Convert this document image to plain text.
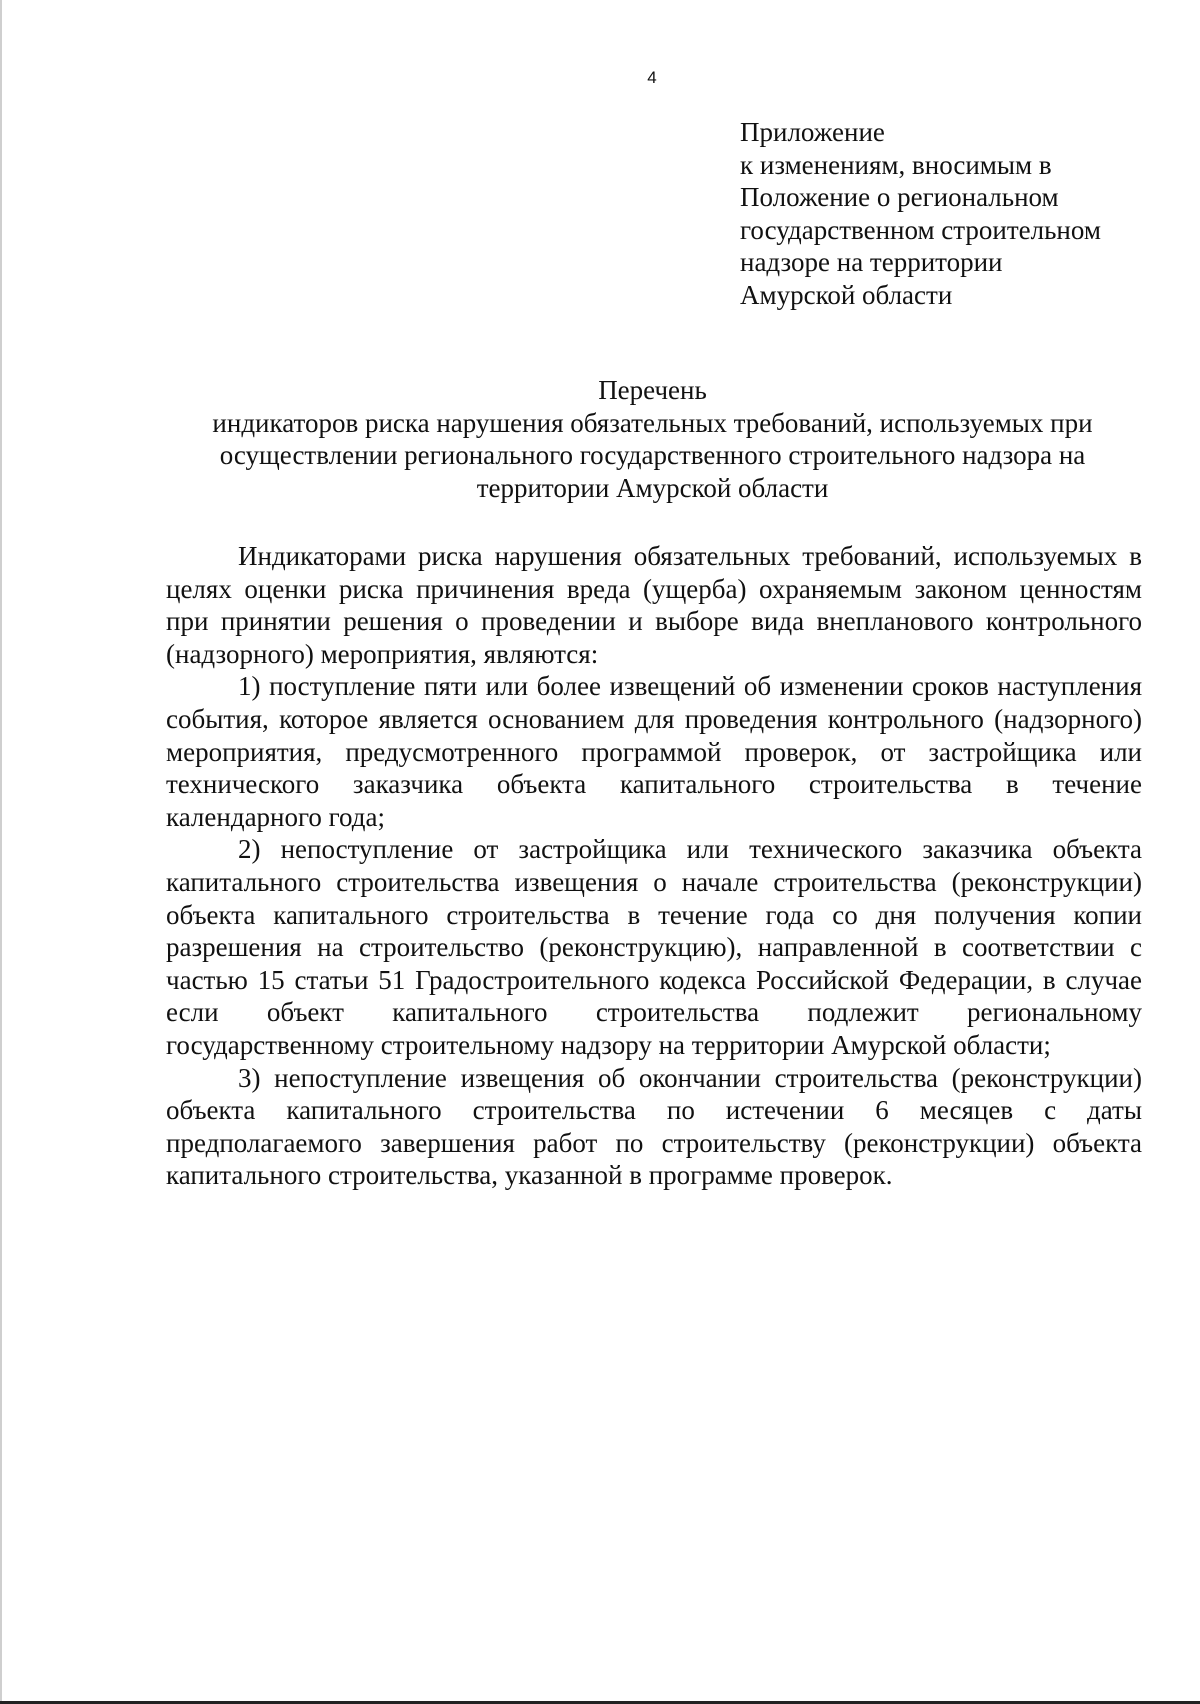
4
Приложение
к изменениям, вносимым в
Положение о региональном
государственном строительном
надзоре на территории
Амурской области
Перечень
индикаторов риска нарушения обязательных требований, используемых при
осуществлении регионального государственного строительного надзора на
территории Амурской области

Индикаторами риска нарушения обязательных требований, используемых в целях оценки риска причинения вреда (ущерба) охраняемым законом ценностям при принятии решения о проведении и выборе вида внепланового контрольного (надзорного) мероприятия, являются:

1) поступление пяти или более извещений об изменении сроков наступления события, которое является основанием для проведения контрольного (надзорного) мероприятия, предусмотренного программой проверок, от застройщика или технического заказчика объекта капитального строительства в течение календарного года;

2) непоступление от застройщика или технического заказчика объекта капитального строительства извещения о начале строительства (реконструкции) объекта капитального строительства в течение года со дня получения копии разрешения на строительство (реконструкцию), направленной в соответствии с частью 15 статьи 51 Градостроительного кодекса Российской Федерации, в случае если объект капитального строительства подлежит региональному государственному строительному надзору на территории Амурской области;

3) непоступление извещения об окончании строительства (реконструкции) объекта капитального строительства по истечении 6 месяцев с даты предполагаемого завершения работ по строительству (реконструкции) объекта капитального строительства, указанной в программе проверок.
